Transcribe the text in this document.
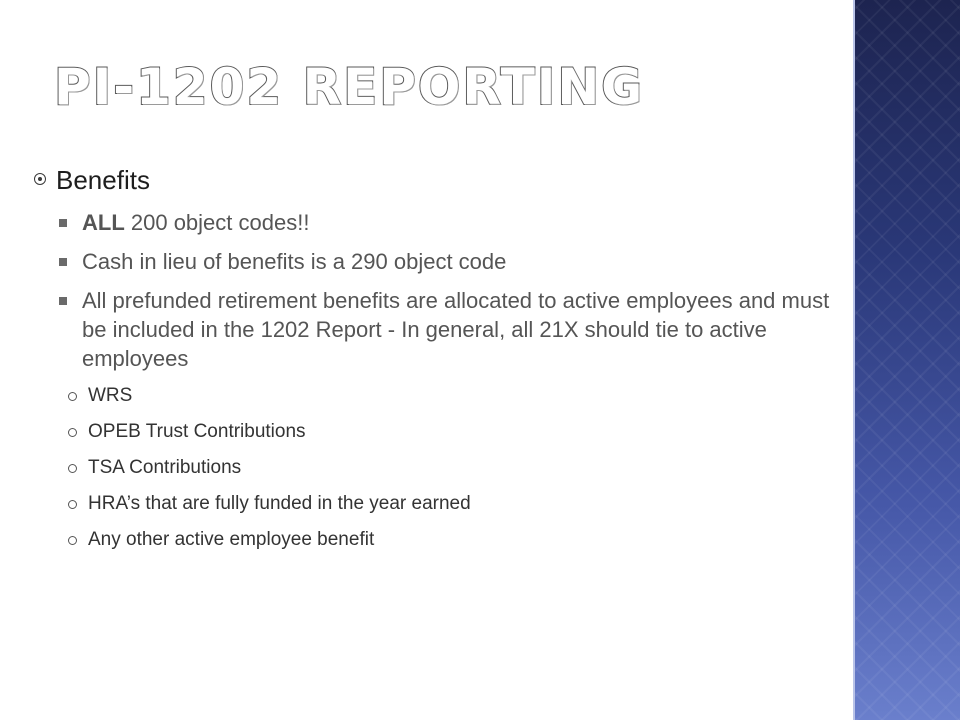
PI-1202 REPORTING
Benefits
ALL 200 object codes!!
Cash in lieu of benefits is a 290 object code
All prefunded retirement benefits are allocated to active employees and must be included in the 1202 Report - In general, all 21X should tie to active employees
WRS
OPEB Trust Contributions
TSA Contributions
HRA’s that are fully funded in the year earned
Any other active employee benefit
